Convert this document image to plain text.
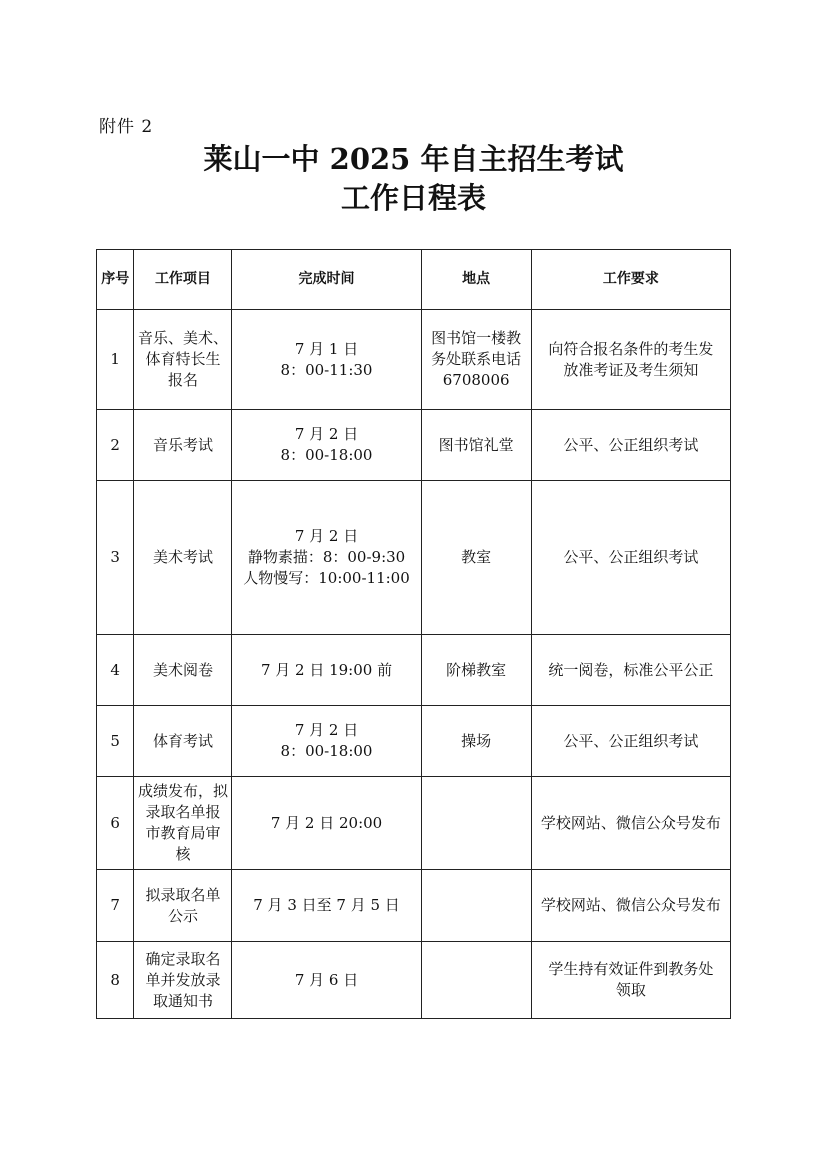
附件 2
莱山一中 2025 年自主招生考试
工作日程表
序号	工作项目	完成时间	地点	工作要求
1	音乐、美术、
体育特长生
报名	7 月 1 日
8：00-11:30	图书馆一楼教
务处联系电话
6708006	向符合报名条件的考生发
放准考证及考生须知

2	音乐考试	7 月 2 日
8：00-18:00	图书馆礼堂	公平、公正组织考试

3	美术考试	7 月 2 日
静物素描：8：00-9:30
人物慢写：10:00-11:00	教室	公平、公正组织考试

4	美术阅卷	7 月 2 日 19:00 前	阶梯教室	统一阅卷，标准公平公正

5	体育考试	7 月 2 日
8：00-18:00	操场	公平、公正组织考试

6	成绩发布，拟
录取名单报
市教育局审
核	7 月 2 日 20:00		学校网站、微信公众号发布

7	拟录取名单
公示	7 月 3 日至 7 月 5 日		学校网站、微信公众号发布

8	确定录取名
单并发放录
取通知书	7 月 6 日		学生持有效证件到教务处
领取
